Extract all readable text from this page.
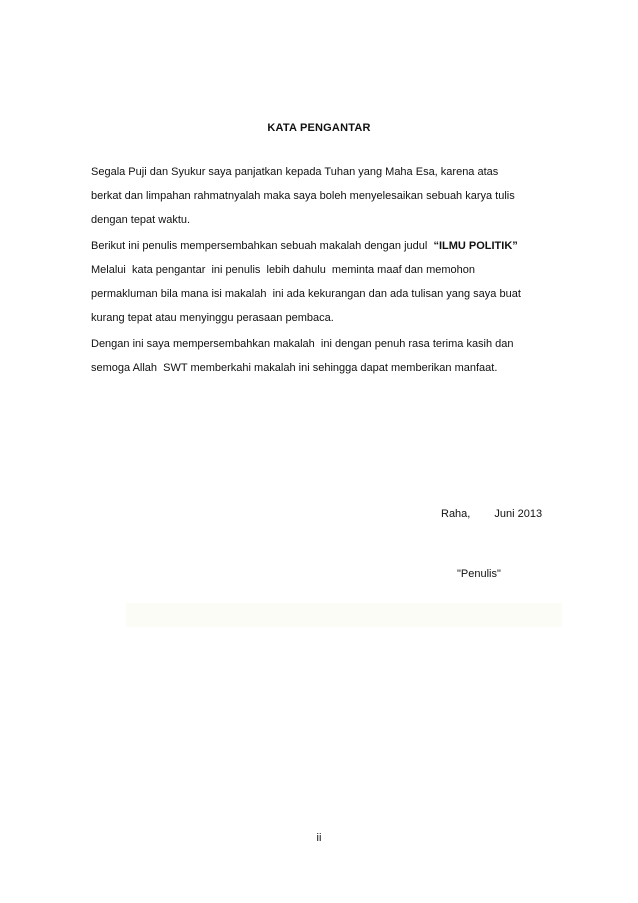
KATA PENGANTAR

Segala Puji dan Syukur saya panjatkan kepada Tuhan yang Maha Esa, karena atas
berkat dan limpahan rahmatnyalah maka saya boleh menyelesaikan sebuah karya tulis
dengan tepat waktu.

Berikut ini penulis mempersembahkan sebuah makalah dengan judul  “ILMU POLITIK”
Melalui  kata pengantar  ini penulis  lebih dahulu  meminta maaf dan memohon
permakluman bila mana isi makalah  ini ada kekurangan dan ada tulisan yang saya buat
kurang tepat atau menyinggu perasaan pembaca.

Dengan ini saya mempersembahkan makalah  ini dengan penuh rasa terima kasih dan
semoga Allah  SWT memberkahi makalah ini sehingga dapat memberikan manfaat.

Raha, Juni 2013
"Penulis"
ii
